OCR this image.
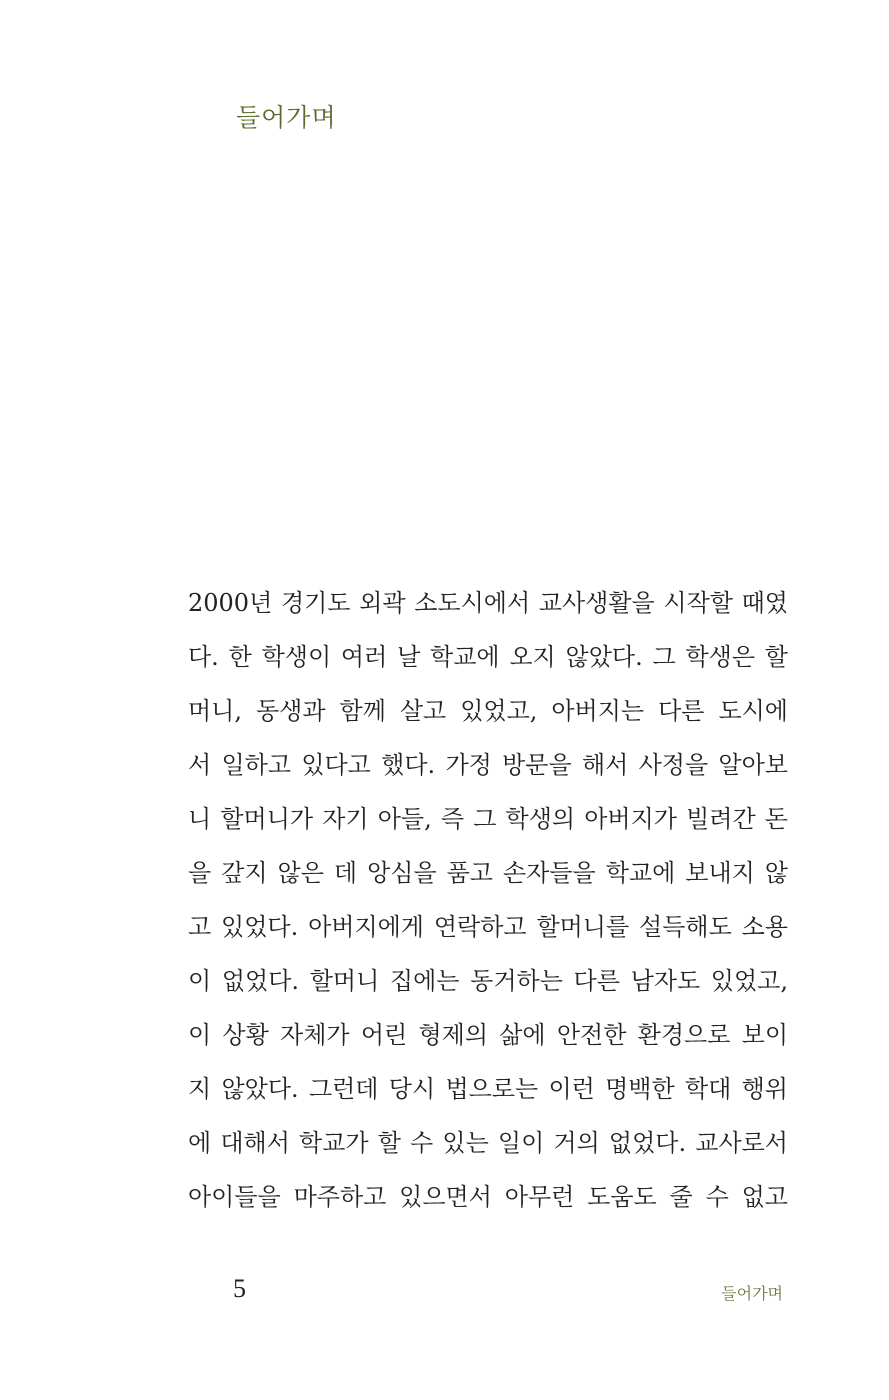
들어가며
2000년 경기도 외곽 소도시에서 교사생활을 시작할 때였
다. 한 학생이 여러 날 학교에 오지 않았다. 그 학생은 할
머니, 동생과 함께 살고 있었고, 아버지는 다른 도시에
서 일하고 있다고 했다. 가정 방문을 해서 사정을 알아보
니 할머니가 자기 아들, 즉 그 학생의 아버지가 빌려간 돈
을 갚지 않은 데 앙심을 품고 손자들을 학교에 보내지 않
고 있었다. 아버지에게 연락하고 할머니를 설득해도 소용
이 없었다. 할머니 집에는 동거하는 다른 남자도 있었고,
이 상황 자체가 어린 형제의 삶에 안전한 환경으로 보이
지 않았다. 그런데 당시 법으로는 이런 명백한 학대 행위
에 대해서 학교가 할 수 있는 일이 거의 없었다. 교사로서
아이들을 마주하고 있으면서 아무런 도움도 줄 수 없고
5	들어가며
